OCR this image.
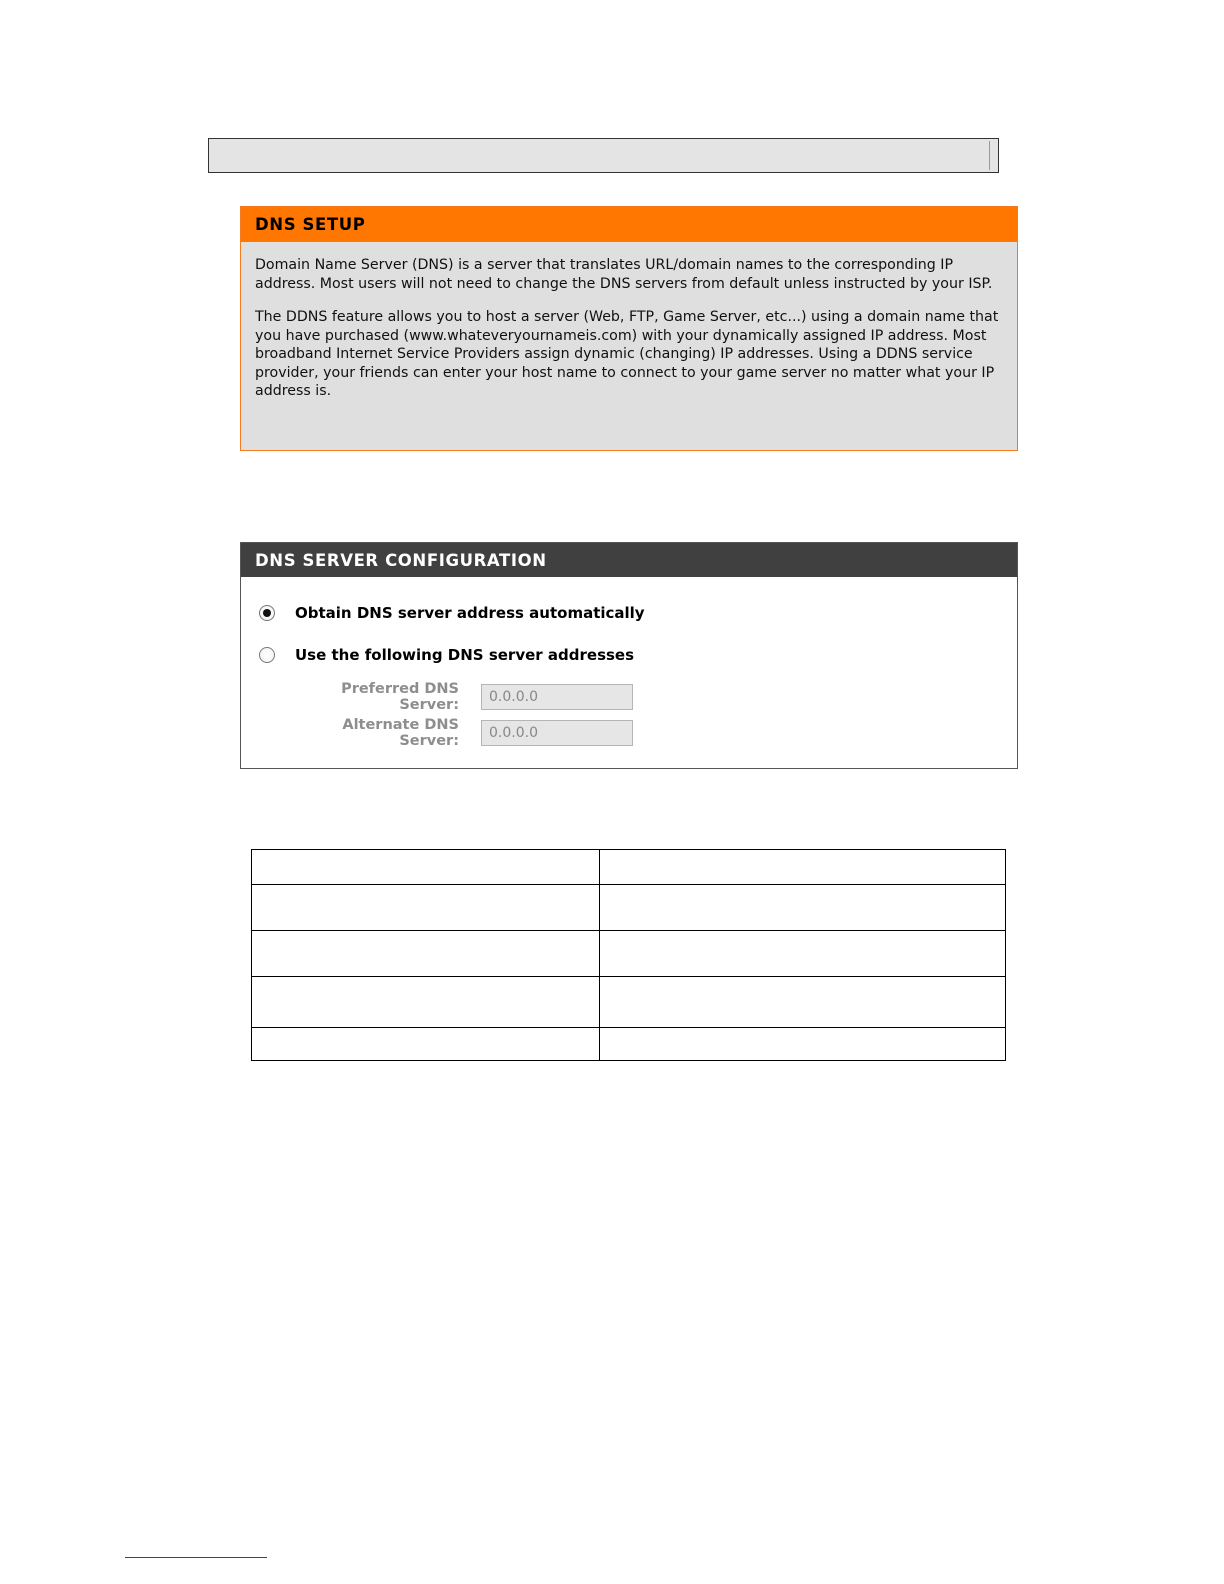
DNS SETUP

Domain Name Server (DNS) is a server that translates URL/domain names to the corresponding IP address. Most users will not need to change the DNS servers from default unless instructed by your ISP.

The DDNS feature allows you to host a server (Web, FTP, Game Server, etc...) using a domain name that you have purchased (www.whateveryournameis.com) with your dynamically assigned IP address. Most broadband Internet Service Providers assign dynamic (changing) IP addresses. Using a DDNS service provider, your friends can enter your host name to connect to your game server no matter what your IP address is.

DNS SERVER CONFIGURATION
Obtain DNS server address automatically
Use the following DNS server addresses
Preferred DNS Server:
0.0.0.0
Alternate DNS Server:
0.0.0.0
